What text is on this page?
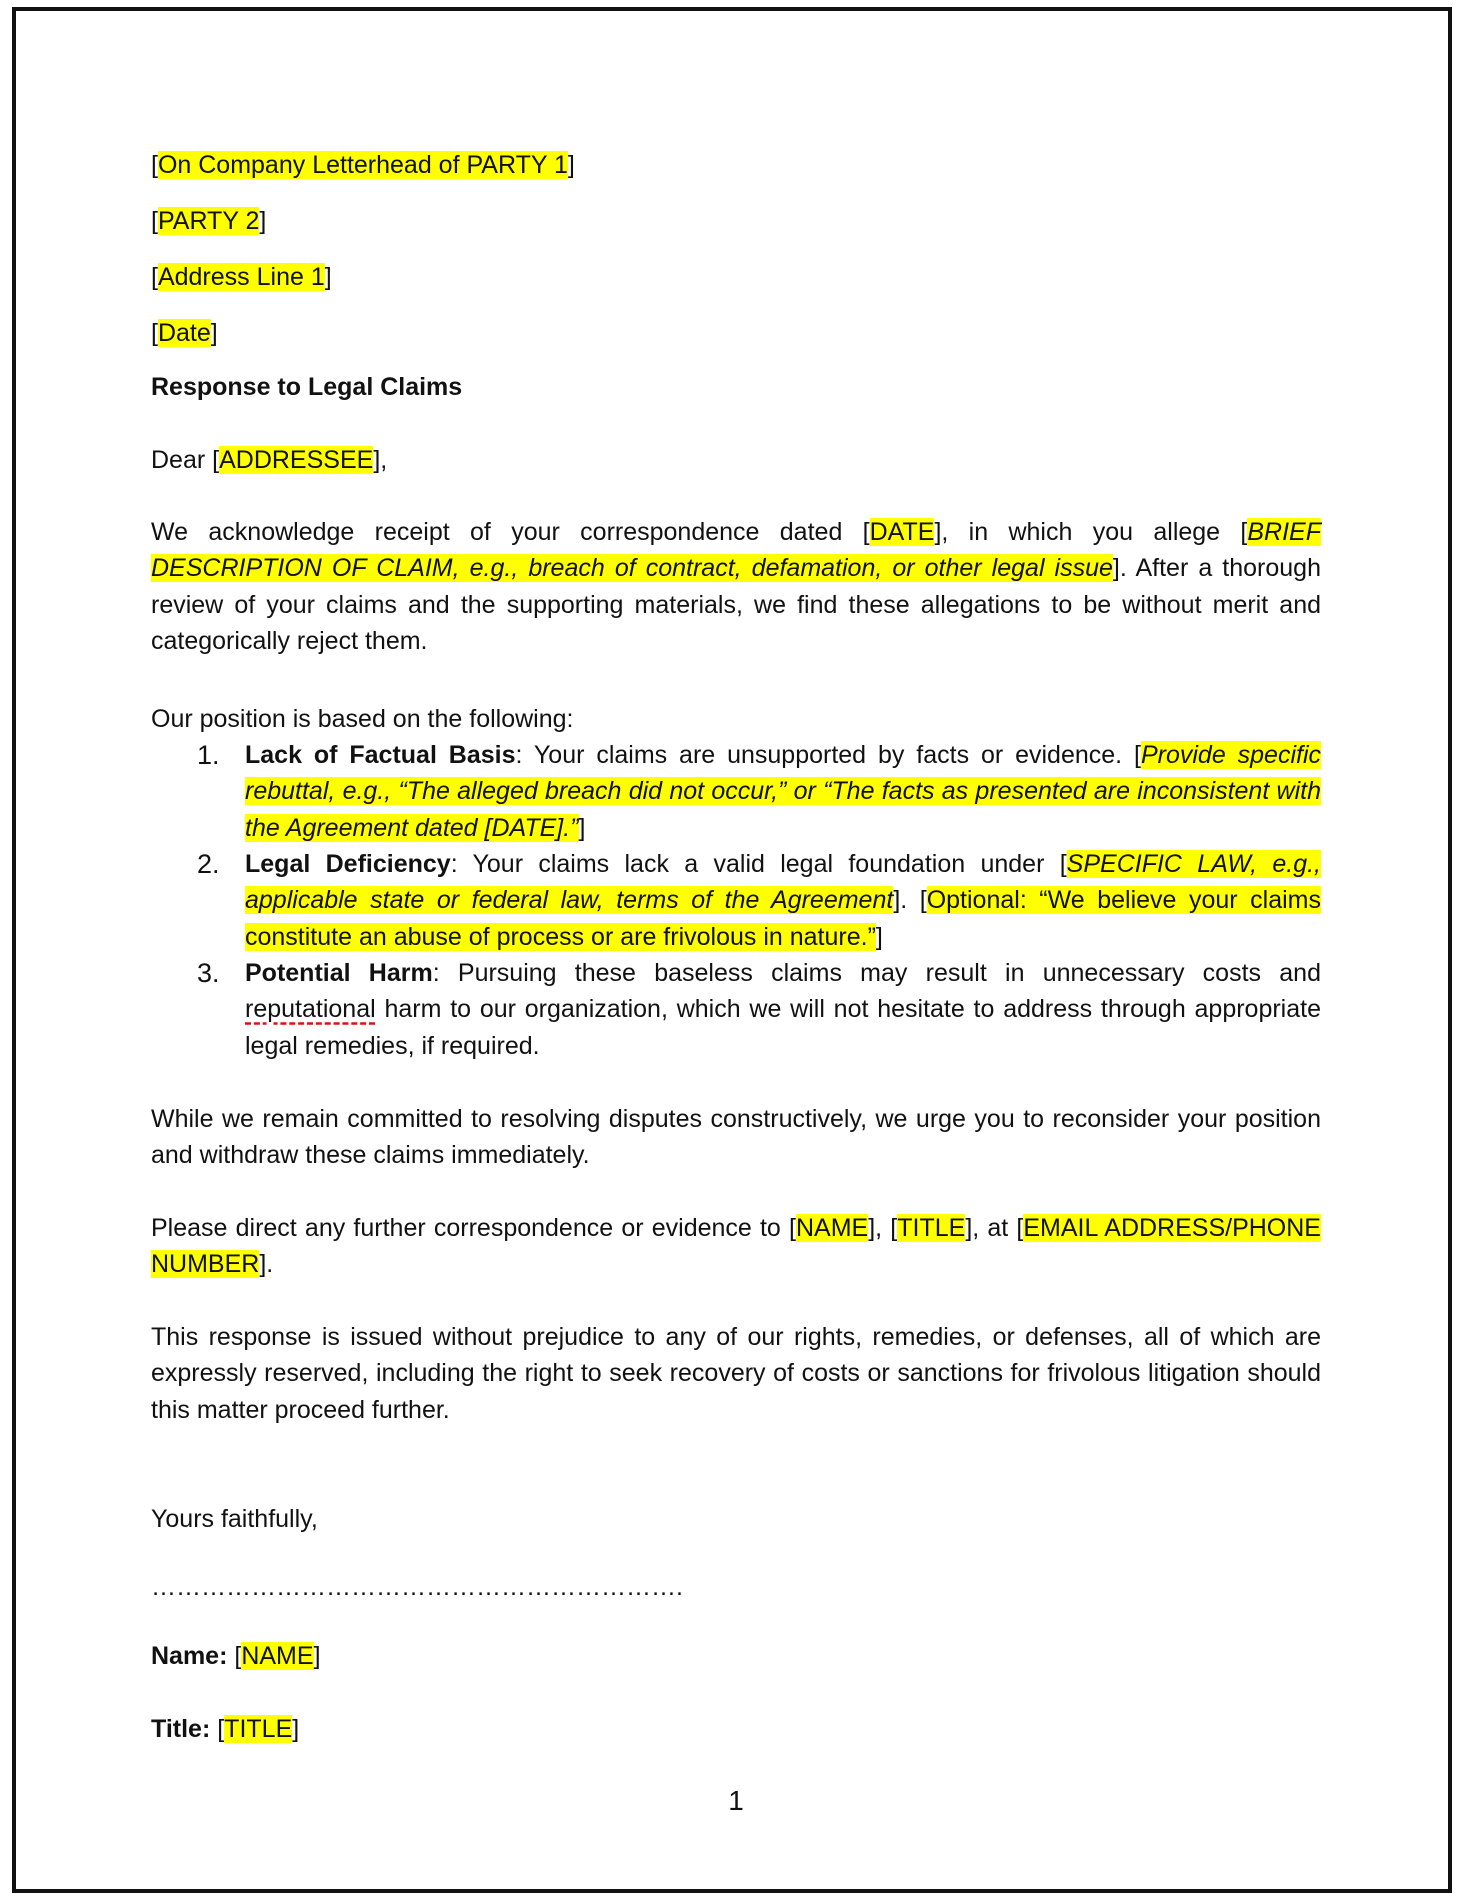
[On Company Letterhead of PARTY 1]
[PARTY 2]
[Address Line 1]
[Date]
Response to Legal Claims
Dear [ADDRESSEE],
We acknowledge receipt of your correspondence dated [DATE], in which you allege [BRIEF DESCRIPTION OF CLAIM, e.g., breach of contract, defamation, or other legal issue]. After a thorough review of your claims and the supporting materials, we find these allegations to be without merit and categorically reject them.
Our position is based on the following:
1. Lack of Factual Basis: Your claims are unsupported by facts or evidence. [Provide specific rebuttal, e.g., “The alleged breach did not occur,” or “The facts as presented are inconsistent with the Agreement dated [DATE].”]
2. Legal Deficiency: Your claims lack a valid legal foundation under [SPECIFIC LAW, e.g., applicable state or federal law, terms of the Agreement]. [Optional: “We believe your claims constitute an abuse of process or are frivolous in nature.”]
3. Potential Harm: Pursuing these baseless claims may result in unnecessary costs and reputational harm to our organization, which we will not hesitate to address through appropriate legal remedies, if required.
While we remain committed to resolving disputes constructively, we urge you to reconsider your position and withdraw these claims immediately.
Please direct any further correspondence or evidence to [NAME], [TITLE], at [EMAIL ADDRESS/PHONE NUMBER].
This response is issued without prejudice to any of our rights, remedies, or defenses, all of which are expressly reserved, including the right to seek recovery of costs or sanctions for frivolous litigation should this matter proceed further.
Yours faithfully,
……………………………………………………….
Name: [NAME]
Title: [TITLE]
1
